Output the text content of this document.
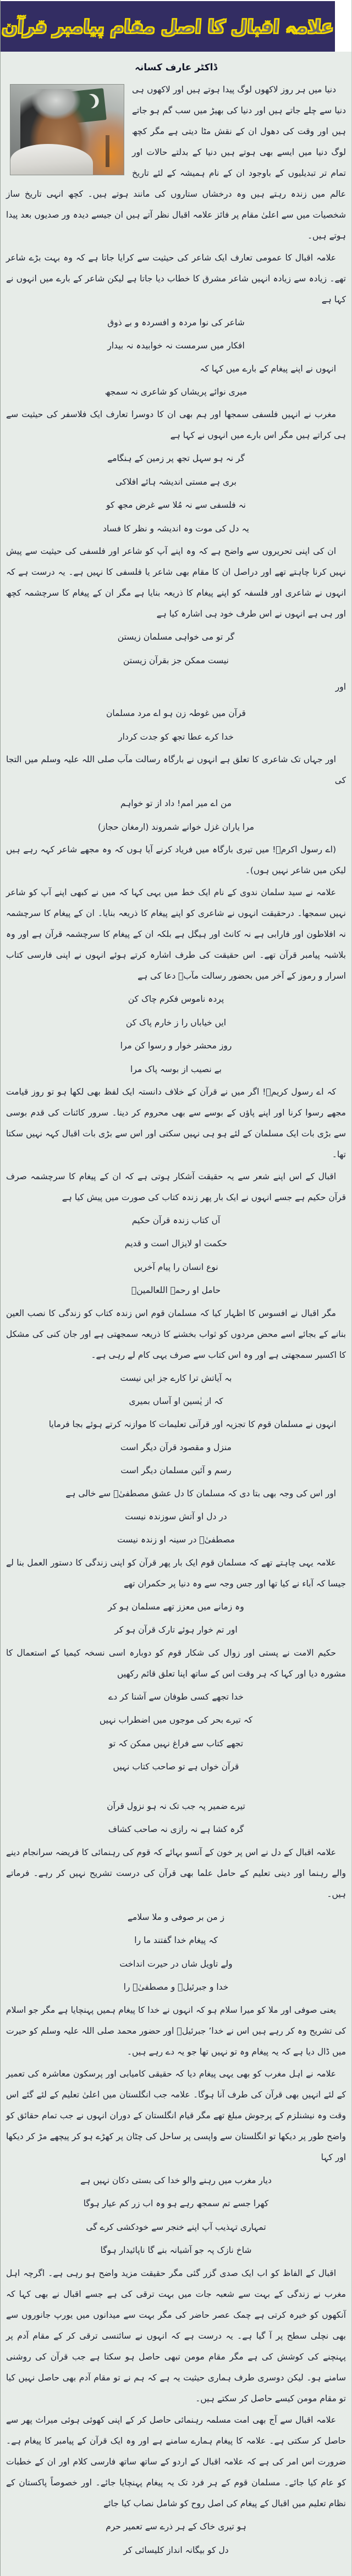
علامہ اقبال کا اصل مقام پیامبر قرآن
ڈاکٹر عارف کسانہ
دنیا میں ہر روز لاکھوں لوگ پیدا ہوتے ہیں اور لاکھوں ہی دنیا سے چلے جاتے ہیں اور دنیا کی بھیڑ میں سب گم ہو جاتے ہیں اور وقت کی دھول ان کے نقش مٹا دیتی ہے مگر کچھ لوگ دنیا میں ایسے بھی ہوتے ہیں دنیا کے بدلتے حالات اور تمام تر تبدیلیوں کے باوجود ان کے نام ہمیشہ کے لئے تاریخ عالم میں زندہ رہتے ہیں وہ درخشاں ستاروں کی مانند ہوتے ہیں۔ کچھ انہی تاریخ ساز شخصیات میں سے اعلیٰ مقام پر فائز علامہ اقبال نظر آتے ہیں ان جیسے دیدہ ور صدیوں بعد پیدا ہوتے ہیں۔
علامہ اقبال کا عمومی تعارف ایک شاعر کی حیثیت سے کرایا جاتا ہے کہ وہ بہت بڑے شاعر تھے۔ زیادہ سے زیادہ انہیں شاعر مشرق کا خطاب دیا جاتا ہے لیکن شاعر کے بارے میں انہوں نے کہا ہے
شاعر کی نوا مردہ و افسردہ و بے ذوق
افکار میں سرمست نہ خوابیدہ نہ بیدار
انہوں نے اپنے پیغام کے بارے میں کہا کہ
میری نوائے پریشاں کو شاعری نہ سمجھ
مغرب نے انہیں فلسفی سمجھا اور ہم بھی ان کا دوسرا تعارف ایک فلاسفر کی حیثیت سے ہی کراتے ہیں مگر اس بارے میں انہوں نے کہا ہے
گر نہ ہو سہل تجھ پر زمین کے ہنگامے
بری ہے مستی اندیشہ ہائے افلاکی
نہ فلسفی سے نہ مُلا سے غرض مجھ کو
یہ دل کی موت وہ اندیشہ و نظر کا فساد
ان کی اپنی تحریروں سے واضح ہے کہ وہ اپنے آپ کو شاعر اور فلسفی کی حیثیت سے پیش نہیں کرنا چاہتے تھے اور دراصل ان کا مقام بھی شاعر یا فلسفی کا نہیں ہے۔ یہ درست ہے کہ انہوں نے شاعری اور فلسفہ کو اپنے پیغام کا ذریعہ بنایا ہے مگر ان کے پیغام کا سرچشمہ کچھ اور ہی ہے انہوں نے اس طرف خود ہی اشارہ کیا ہے
گر تو می خواہی مسلمان زیستن
نیست ممکن جز بقرآن زیستن
اور
قرآن میں غوطہ زن ہو اے مرد مسلمان
خدا کرے عطا تجھ کو جدت کردار
اور جہاں تک شاعری کا تعلق ہے انہوں نے بارگاہ رسالت مآب صلی اللہ علیہ وسلم میں التجا کی
من اے میر امم! داد از تو خواہم
مرا یاران غزل خوانے شمروند (ارمغان حجاز)
(اے رسول اکرمؐ! میں تیری بارگاہ میں فریاد کرنے آیا ہوں کہ وہ مجھے شاعر کہہ رہے ہیں لیکن میں شاعر نہیں ہوں)۔
علامہ نے سید سلمان ندوی کے نام ایک خط میں یہی کہا کہ میں نے کبھی اپنے آپ کو شاعر نہیں سمجھا۔ درحقیقت انہوں نے شاعری کو اپنے پیغام کا ذریعہ بنایا۔ ان کے پیغام کا سرچشمہ نہ افلاطون اور فارابی ہے نہ کانٹ اور ہیگل ہے بلکہ ان کے پیغام کا سرچشمہ قرآن ہے اور وہ بلاشبہ پیامبر قرآن تھے۔ اس حقیقت کی طرف اشارہ کرتے ہوئے انہوں نے اپنی فارسی کتاب اسرار و رموز کے آخر میں بحضور رسالت مآبؐ دعا کی ہے
پردہ ناموس فکرم چاک کن
ایں خیاباں را ز خارم پاک کن
روز محشر خوار و رسوا کن مرا
بے نصیب از بوسہ پاک مرا
کہ اے رسول کریمؐ! اگر میں نے قرآن کے خلاف دانستہ ایک لفظ بھی لکھا ہو تو روز قیامت مجھے رسوا کرنا اور اپنے پاؤں کے بوسے سے بھی محروم کر دینا۔ سرور کائنات کی قدم بوسی سے بڑی بات ایک مسلمان کے لئے ہو ہی نہیں سکتی اور اس سے بڑی بات اقبال کہہ نہیں سکتا تھا۔
اقبال کے اس اپنے شعر سے یہ حقیقت آشکار ہوتی ہے کہ ان کے پیغام کا سرچشمہ صرف قرآن حکیم ہے جسے انہوں نے ایک بار پھر زندہ کتاب کی صورت میں پیش کیا ہے
آں کتاب زندہ قرآن حکیم
حکمت او لایزال است و قدیم
نوع انسان را پیام آخریں
حامل او رحمۃ اللعالمینؐ
مگر اقبال نے افسوس کا اظہار کیا کہ مسلمان قوم اس زندہ کتاب کو زندگی کا نصب العین بنانے کے بجائے اسے محض مردوں کو ثواب بخشنے کا ذریعہ سمجھتی ہے اور جان کنی کی مشکل کا اکسیر سمجھتی ہے اور وہ اس کتاب سے صرف یہی کام لے رہی ہے۔
بہ آیاتش ترا کارے جز ایں نیست
کہ از یٰسین او آساں بمیری
انہوں نے مسلمان قوم کا تجزیہ اور قرآنی تعلیمات کا موازنہ کرتے ہوئے بجا فرمایا
منزل و مقصود قرآن دیگر است
رسم و آئین مسلمان دیگر است
اور اس کی وجہ بھی بتا دی کہ مسلمان کا دل عشق مصطفیٰؐ سے خالی ہے
در دل او آتش سوزندہ نیست
مصطفیٰؐ در سینہ او زندہ نیست
علامہ یہی چاہتے تھے کہ مسلمان قوم ایک بار پھر قرآن کو اپنی زندگی کا دستور العمل بنا لے جیسا کہ آباء نے کیا تھا اور جس وجہ سے وہ دنیا پر حکمران تھے
وہ زمانے میں معزز تھے مسلمان ہو کر
اور تم خوار ہوئے تارک قرآن ہو کر
حکیم الامت نے پستی اور زوال کی شکار قوم کو دوبارہ اسی نسخہ کیمیا کے استعمال کا مشورہ دیا اور کہا کہ ہر وقت اس کے ساتھ اپنا تعلق قائم رکھیں
خدا تجھے کسی طوفان سے آشنا کر دے
کہ تیرے بحر کی موجوں میں اضطراب نہیں
تجھے کتاب سے فراغ نہیں ممکن کہ تو
قرآن خواں ہے تو صاحب کتاب نہیں
تیرے ضمیر پہ جب تک نہ ہو نزول قرآن
گرہ کشا ہے نہ رازی نہ صاحب کشاف
علامہ اقبال کے دل نے اس پر خون کے آنسو بہائے کہ قوم کی رہنمائی کا فریضہ سرانجام دینے والے رہنما اور دینی تعلیم کے حامل علما بھی قرآن کی درست تشریح نہیں کر رہے۔ فرماتے ہیں۔
ز من بر صوفی و ملا سلامے
کہ پیغام خدا گفتند ما را
ولے تاویل شاں در حیرت انداخت
خدا و جبرئیلؑ و مصطفیٰؐ را
یعنی صوفی اور ملا کو میرا سلام ہو کہ انہوں نے خدا کا پیغام ہمیں پہنچایا ہے مگر جو اسلام کی تشریح وہ کر رہے ہیں اس نے خدا٬ جبرئیلؑ اور حضور محمد صلی اللہ علیہ وسلم کو حیرت میں ڈال دیا ہے کہ یہ پیغام وہ تو نہیں تھا جو یہ دے رہے ہیں۔
علامہ نے اہل مغرب کو بھی یہی پیغام دیا کہ حقیقی کامیابی اور پرسکون معاشرہ کی تعمیر کے لئے انہیں بھی قرآن کی طرف آنا ہوگا۔ علامہ جب انگلستان میں اعلیٰ تعلیم کے لئے گئے اس وقت وہ نیشنلزم کے پرجوش مبلغ تھے مگر قیام انگلستان کے دوران انہوں نے جب تمام حقائق کو واضح طور پر دیکھا تو انگلستان سے واپسی پر ساحل کی چٹان پر کھڑے ہو کر پیچھے مڑ کر دیکھا اور کہا
دیار مغرب میں رہنے والو خدا کی بستی دکان نہیں ہے
کھرا جسے تم سمجھ رہے ہو وہ اب زر کم عیار ہوگا
تمہاری تہذیب آپ اپنے خنجر سے خودکشی کرے گی
شاخ نازک پہ جو آشیانہ بنے گا ناپائیدار ہوگا
اقبال کے الفاظ کو اب ایک صدی گزر گئی مگر حقیقت مزید واضح ہو رہی ہے۔ اگرچہ اہل مغرب نے زندگی کے بہت سے شعبہ جات میں بہت ترقی کی ہے جسے اقبال نے بھی کہا کہ آنکھوں کو خیرہ کرتی ہے چمک عصر حاضر کی مگر بہت سے میدانوں میں یورپ جانوروں سے بھی نچلی سطح پر آ گیا ہے۔ یہ درست ہے کہ انہوں نے سائنسی ترقی کر کے مقام آدم پر پہنچنے کی کوشش کی ہے مگر مقام مومن تبھی حاصل ہو سکتا ہے جب قرآن کی روشنی سامنے ہو۔ لیکن دوسری طرف ہماری حیثیت یہ ہے کہ ہم نے تو مقام آدم بھی حاصل نہیں کیا تو مقام مومن کیسے حاصل کر سکتے ہیں۔
علامہ اقبال سے آج بھی امت مسلمہ رہنمائی حاصل کر کے اپنی کھوئی ہوئی میراث پھر سے حاصل کر سکتی ہے۔ علامہ کا پیغام ہمارے سامنے ہے اور وہ ایک قرآن کے پیامبر کا پیغام ہے۔ ضرورت اس امر کی ہے کہ علامہ اقبال کے اردو کے ساتھ ساتھ فارسی کلام اور ان کے خطبات کو عام کیا جائے۔ مسلمان قوم کے ہر فرد تک یہ پیغام پہنچایا جائے۔ اور خصوصاً پاکستان کے نظام تعلیم میں اقبال کے پیغام کی اصل روح کو شامل نصاب کیا جائے
ہو تیری خاک کے ہر ذرے سے تعمیر حرم
دل کو بیگانہ انداز کلیسائی کر
